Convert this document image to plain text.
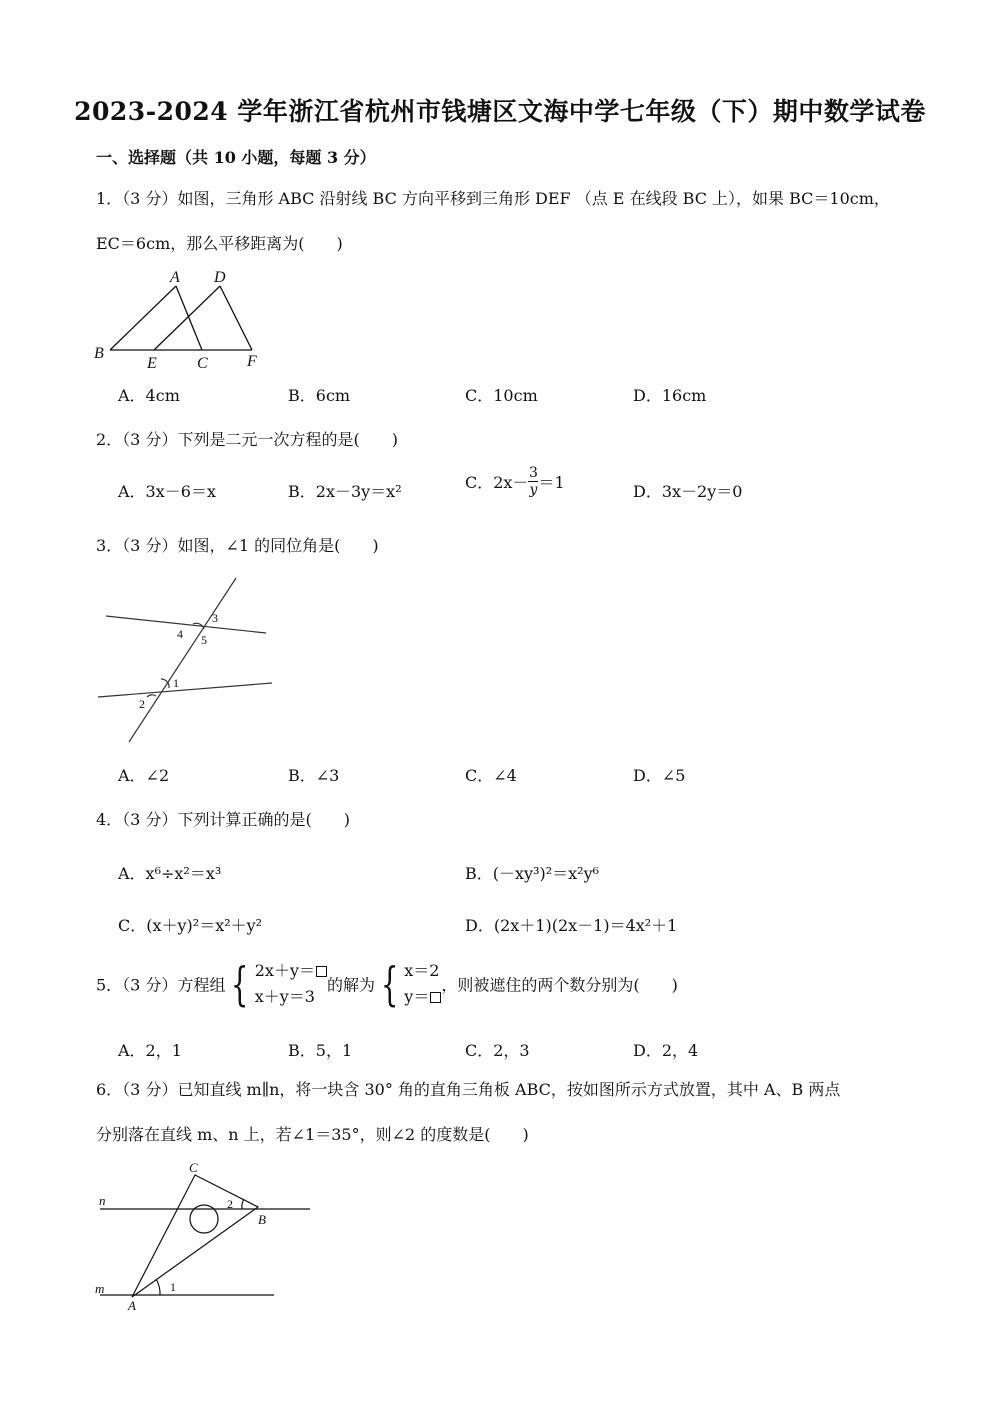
2023-2024 学年浙江省杭州市钱塘区文海中学七年级（下）期中数学试卷
一、选择题（共 10 小题，每题 3 分）
1．（3 分）如图，三角形 ABC 沿射线 BC 方向平移到三角形 DEF （点 E 在线段 BC 上），如果 BC＝10cm，
EC＝6cm，那么平移距离为(　　)
A D
B
E	C F
A．4cm	B．6cm	C．10cm	D．16cm
2．（3 分）下列是二元一次方程的是(　　)
A．3x－6＝x	B．2x－3y＝x²	C．$2x- \frac{3}{y} =1$	D．3x－2y＝0
3．（3 分）如图，∠1 的同位角是(　　)
3
4 5
1
2
A．∠2	B．∠3	C．∠4	D．∠5
4．（3 分）下列计算正确的是(　　)
A．x⁶÷x²＝x³	B．(－xy³)²＝x²y⁶
C．(x＋y)²＝x²＋y²	D．(2x＋1)(2x－1)＝4x²＋1
5．（3 分）方程组 { 2x＋y＝
x＋y＝3的解为 { x＝2
y＝，则被遮住的两个数分别为(　　)
A．2，1	B．5，1	C．2，3	D．2，4
6．（3 分）已知直线 m∥n，将一块含 30° 角的直角三角板 ABC，按如图所示方式放置，其中 A、B 两点
分别落在直线 m、n 上，若∠1＝35°，则∠2 的度数是(　　)
C
n
B
m
A
2
1
